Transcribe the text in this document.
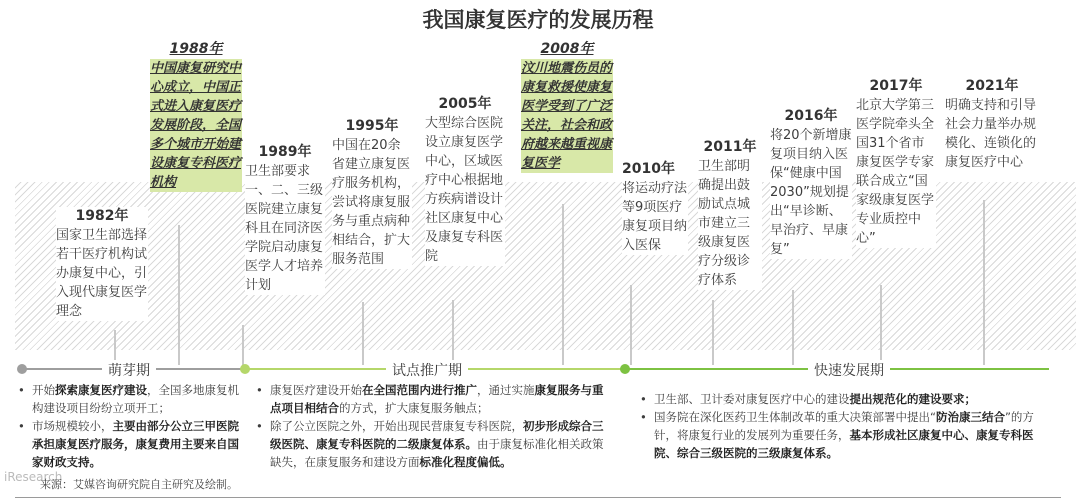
我国康复医疗的发展历程
1982年
国家卫生部选择若干医疗机构试办康复中心，引入现代康复医学理念
1988年
中国康复研究中心成立，中国正式进入康复医疗发展阶段，全国多个城市开始建设康复专科医疗机构
1989年
卫生部要求一、二、三级医院建立康复科且在同济医学院启动康复医学人才培养计划
1995年
中国在20余省建立康复医疗服务机构，尝试将康复服务与重点病种相结合，扩大服务范围
2005年
大型综合医院设立康复医学中心，区域医疗中心根据地方疾病谱设计社区康复中心及康复专科医院
2008年
汶川地震伤员的康复救援使康复医学受到了广泛关注，社会和政府越来越重视康复医学	2010年
将运动疗法等9项医疗康复项目纳入医保
2011年
卫生部明确提出鼓励试点城市建立三级康复医疗分级诊疗体系
2016年
将20个新增康复项目纳入医保“健康中国2030”规划提出“早诊断、早治疗、早康复”
2017年
北京大学第三医学院牵头全国31个省市康复医学专家联合成立“国家级康复医学专业质控中心”
2021年
明确支持和引导社会力量举办规模化、连锁化的康复医疗中心
萌芽期	试点推广期	快速发展期
• 开始探索康复医疗建设，全国多地康复机构建设项目纷纷立项开工；
• 市场规模较小，主要由部分公立三甲医院承担康复医疗服务，康复费用主要来自国家财政支持。
• 康复医疗建设开始在全国范围内进行推广，通过实施康复服务与重点项目相结合的方式，扩大康复服务触点；
• 除了公立医院之外，开始出现民营康复专科医院，初步形成综合三级医院、康复专科医院的二级康复体系。由于康复标准化相关政策缺失，在康复服务和建设方面标准化程度偏低。
• 卫生部、卫计委对康复医疗中心的建设提出规范化的建设要求；
• 国务院在深化医药卫生体制改革的重大决策部署中提出“防治康三结合”的方针，将康复行业的发展列为重要任务，基本形成社区康复中心、康复专科医院、综合三级医院的三级康复体系。
iResearch
来源：艾媒咨询研究院自主研究及绘制。
